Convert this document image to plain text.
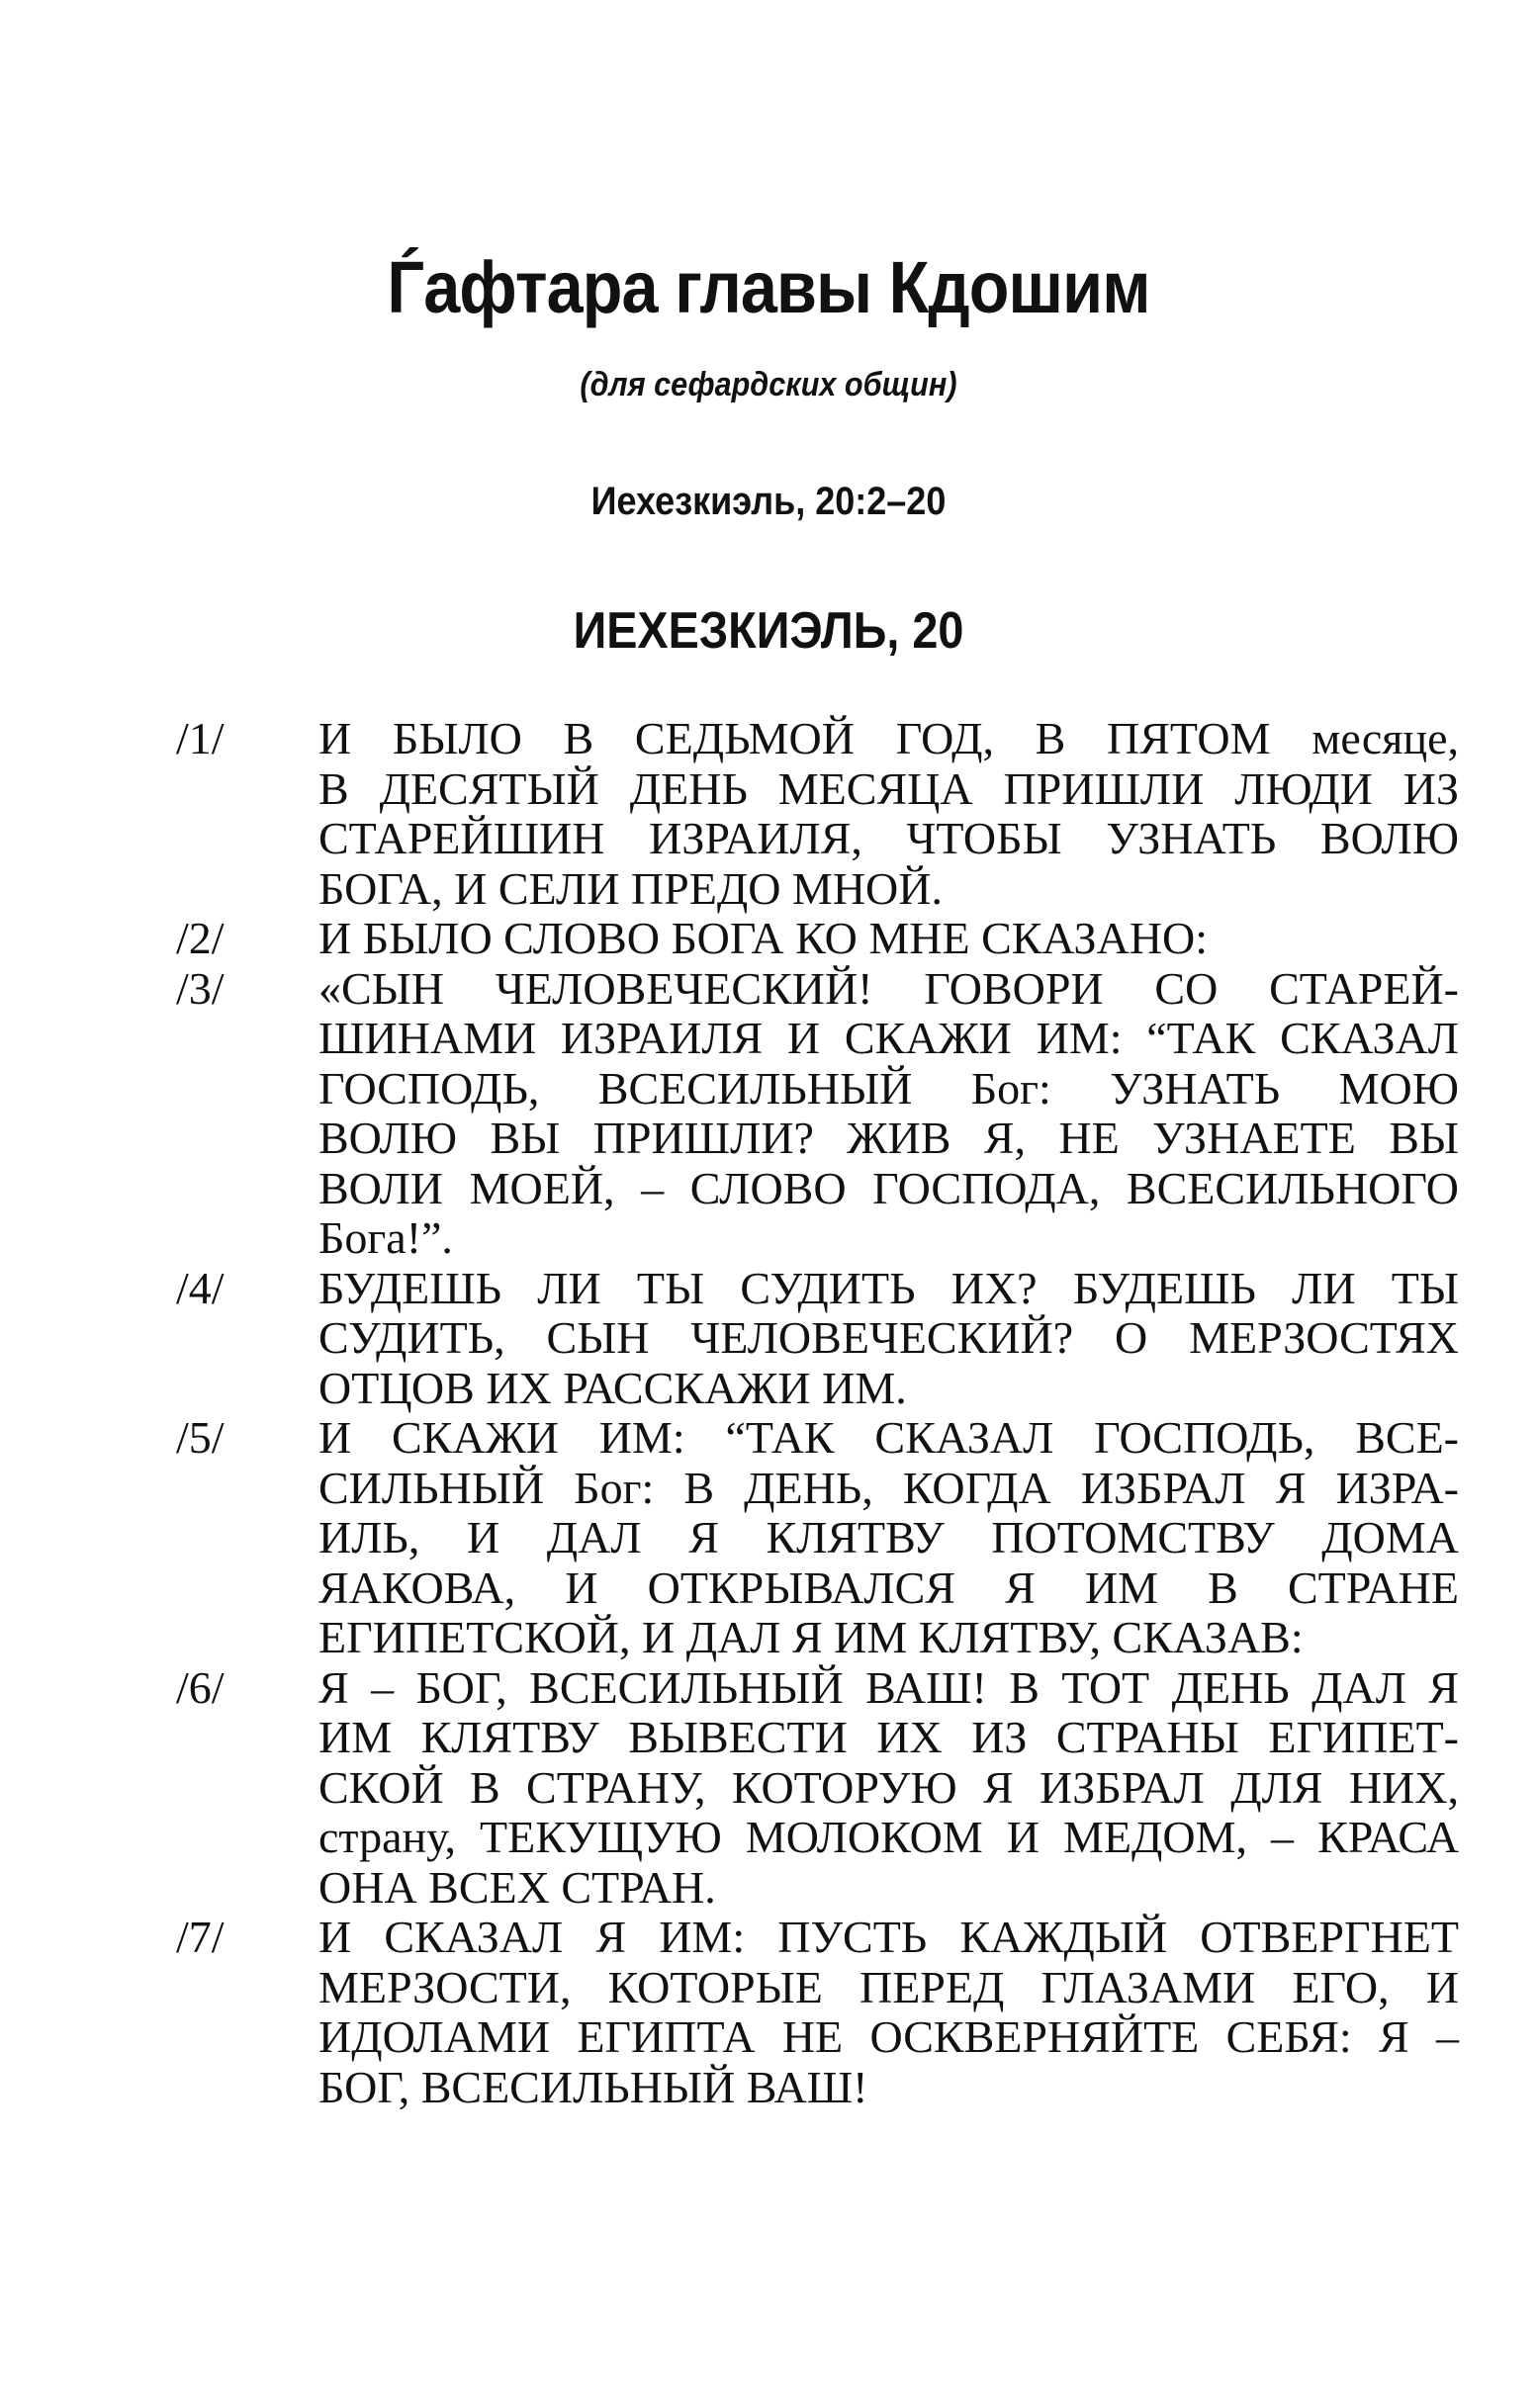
Ѓафтара главы Кдошим
(для сефардских общин)
Иехезкиэль, 20:2–20
ИЕХЕЗКИЭЛЬ, 20
/1/	И БЫЛО В СЕДЬМОЙ ГОД, В ПЯТОМ месяце,
В ДЕСЯТЫЙ ДЕНЬ МЕСЯЦА ПРИШЛИ ЛЮДИ ИЗ
СТАРЕЙШИН ИЗРАИЛЯ, ЧТОБЫ УЗНАТЬ ВОЛЮ
БОГА, И СЕЛИ ПРЕДО МНОЙ.
/2/	И БЫЛО СЛОВО БОГА КО МНЕ СКАЗАНО:
/3/	«СЫН ЧЕЛОВЕЧЕСКИЙ! ГОВОРИ СО СТАРЕЙ-
ШИНАМИ ИЗРАИЛЯ И СКАЖИ ИМ: “ТАК СКАЗАЛ
ГОСПОДЬ, ВСЕСИЛЬНЫЙ Бог: УЗНАТЬ МОЮ
ВОЛЮ ВЫ ПРИШЛИ? ЖИВ Я, НЕ УЗНАЕТЕ ВЫ
ВОЛИ МОЕЙ, – СЛОВО ГОСПОДА, ВСЕСИЛЬНОГО
Бога!”.
/4/	БУДЕШЬ ЛИ ТЫ СУДИТЬ ИХ? БУДЕШЬ ЛИ ТЫ
СУДИТЬ, СЫН ЧЕЛОВЕЧЕСКИЙ? О МЕРЗОСТЯХ
ОТЦОВ ИХ РАССКАЖИ ИМ.
/5/	И СКАЖИ ИМ: “ТАК СКАЗАЛ ГОСПОДЬ, ВСЕ-
СИЛЬНЫЙ Бог: В ДЕНЬ, КОГДА ИЗБРАЛ Я ИЗРА-
ИЛЬ, И ДАЛ Я КЛЯТВУ ПОТОМСТВУ ДОМА
ЯАКОВА, И ОТКРЫВАЛСЯ Я ИМ В СТРАНЕ
ЕГИПЕТСКОЙ, И ДАЛ Я ИМ КЛЯТВУ, СКАЗАВ:
/6/	Я – БОГ, ВСЕСИЛЬНЫЙ ВАШ! В ТОТ ДЕНЬ ДАЛ Я
ИМ КЛЯТВУ ВЫВЕСТИ ИХ ИЗ СТРАНЫ ЕГИПЕТ-
СКОЙ В СТРАНУ, КОТОРУЮ Я ИЗБРАЛ ДЛЯ НИХ,
страну, ТЕКУЩУЮ МОЛОКОМ И МЕДОМ, – КРАСА
ОНА ВСЕХ СТРАН.
/7/	И СКАЗАЛ Я ИМ: ПУСТЬ КАЖДЫЙ ОТВЕРГНЕТ
МЕРЗОСТИ, КОТОРЫЕ ПЕРЕД ГЛАЗАМИ ЕГО, И
ИДОЛАМИ ЕГИПТА НЕ ОСКВЕРНЯЙТЕ СЕБЯ: Я –
БОГ, ВСЕСИЛЬНЫЙ ВАШ!
